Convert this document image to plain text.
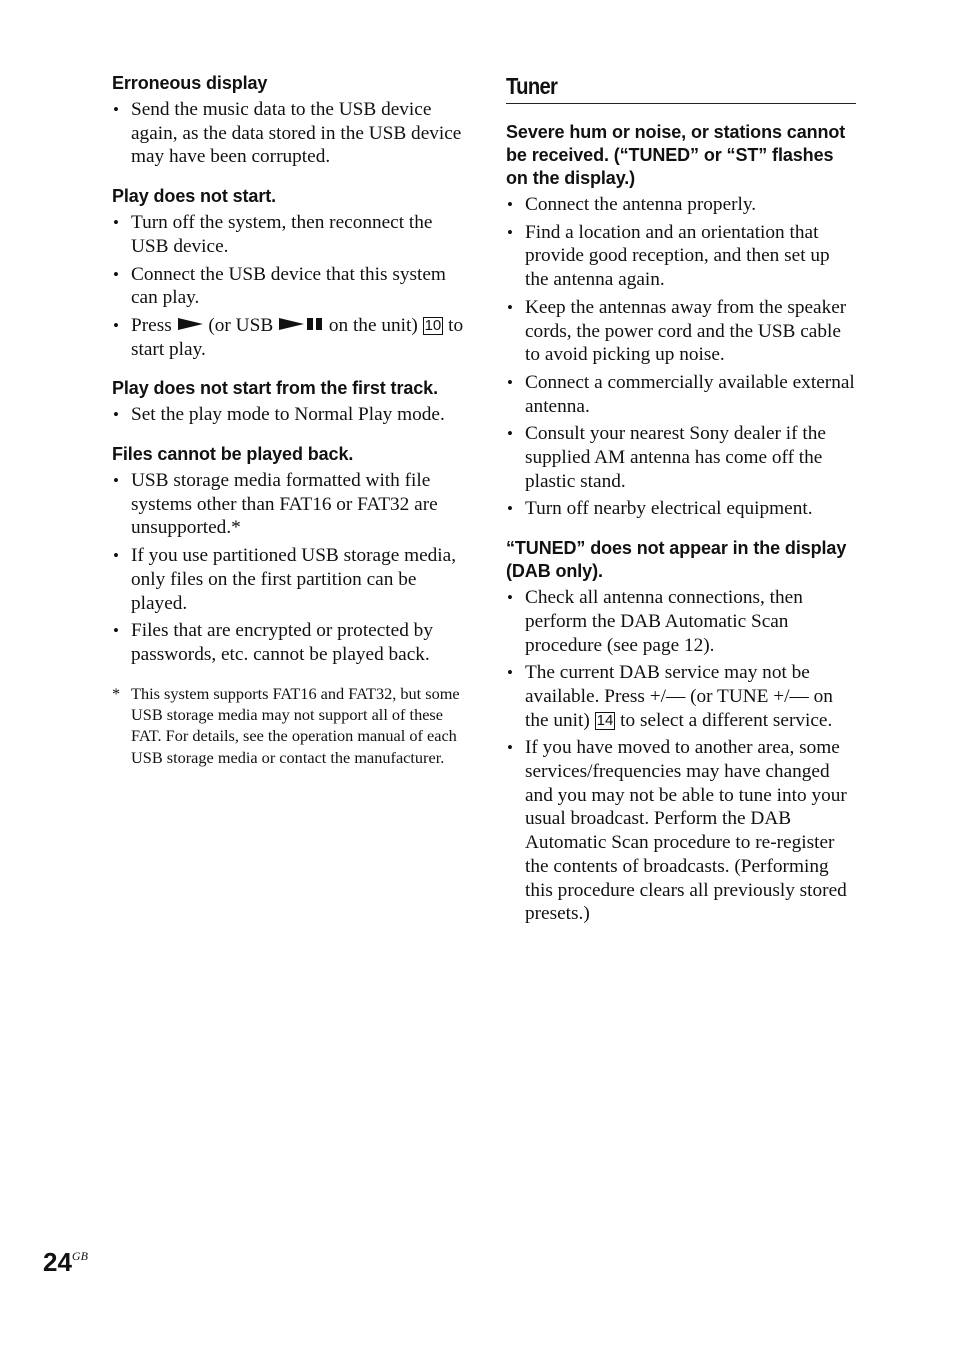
Erroneous display
• Send the music data to the USB device again, as the data stored in the USB device may have been corrupted.
Play does not start.
• Turn off the system, then reconnect the USB device.
• Connect the USB device that this system can play.
• Press (or USB	on the unit) 10 to start play.
Play does not start from the first track.
• Set the play mode to Normal Play mode.
Files cannot be played back.
• USB storage media formatted with file systems other than FAT16 or FAT32 are unsupported.*
• If you use partitioned USB storage media, only files on the first partition can be played.
• Files that are encrypted or protected by passwords, etc. cannot be played back.
* This system supports FAT16 and FAT32, but some USB storage media may not support all of these FAT. For details, see the operation manual of each USB storage media or contact the manufacturer.
Tuner
Severe hum or noise, or stations cannot be received. (“TUNED” or “ST” flashes on the display.)
• Connect the antenna properly.
• Find a location and an orientation that provide good reception, and then set up the antenna again.
• Keep the antennas away from the speaker cords, the power cord and the USB cable to avoid picking up noise.
• Connect a commercially available external antenna.
• Consult your nearest Sony dealer if the supplied AM antenna has come off the plastic stand.
• Turn off nearby electrical equipment.
“TUNED” does not appear in the display (DAB only).
• Check all antenna connections, then perform the DAB Automatic Scan procedure (see page 12).
• The current DAB service may not be available. Press +/— (or TUNE +/— on the unit) 14 to select a different service.
• If you have moved to another area, some services/frequencies may have changed and you may not be able to tune into your usual broadcast. Perform the DAB Automatic Scan procedure to re-register the contents of broadcasts. (Performing this procedure clears all previously stored presets.)
$24^{GB}$
